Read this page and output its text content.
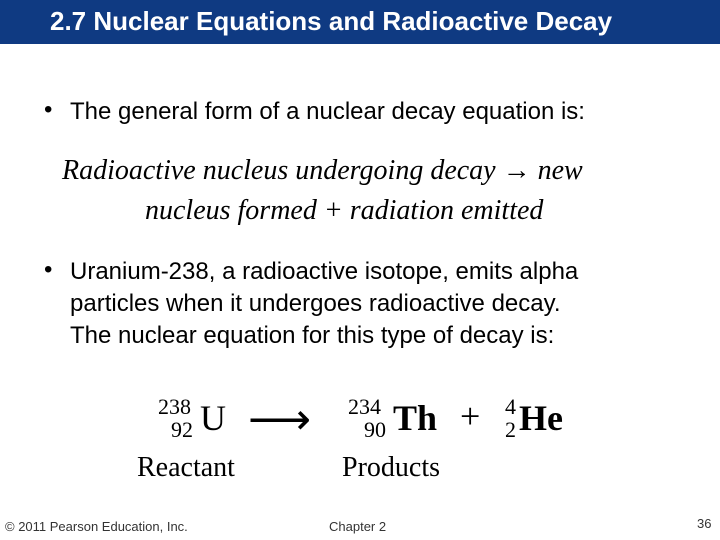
2.7 Nuclear Equations and Radioactive Decay
• The general form of a nuclear decay equation is:
Radioactive nucleus undergoing decay → new
nucleus formed + radiation emitted
• Uranium-238, a radioactive isotope, emits alpha
particles when it undergoes radioactive decay.
The nuclear equation for this type of decay is:
238
92 U ⟶ 234
90 Th + 4
2 He
Reactant	Products
© 2011 Pearson Education, Inc.	Chapter 2	36
